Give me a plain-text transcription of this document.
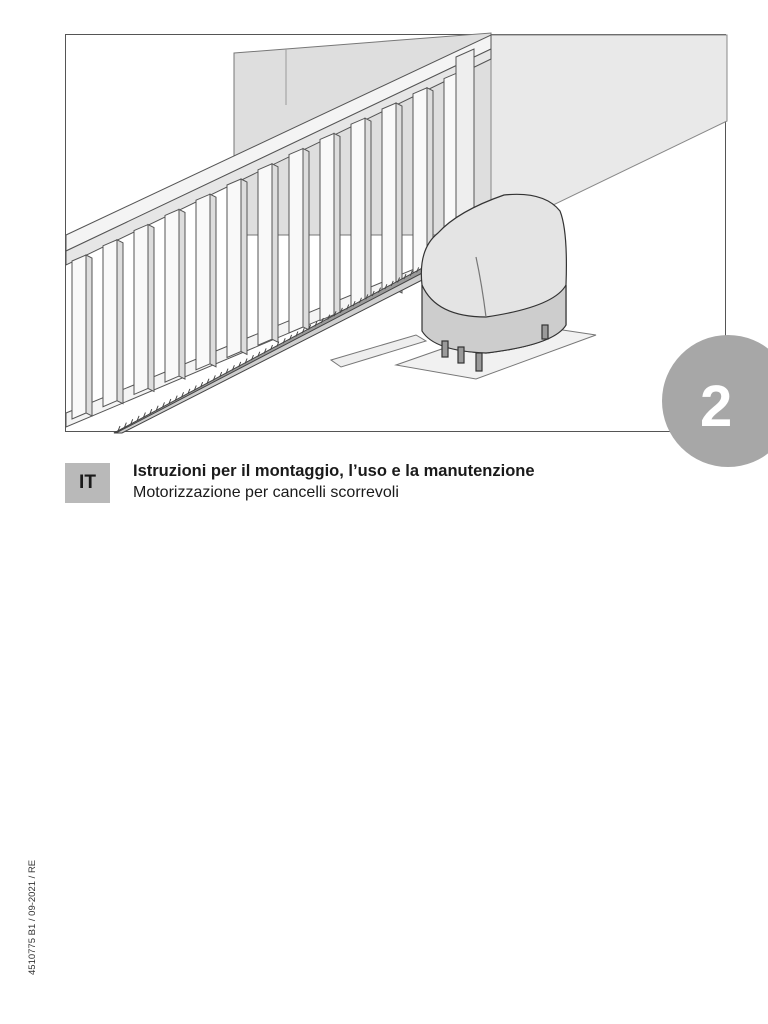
2
IT
Istruzioni per il montaggio, l’uso e la manutenzione
Motorizzazione per cancelli scorrevoli
4510775 B1 / 09-2021 / RE
